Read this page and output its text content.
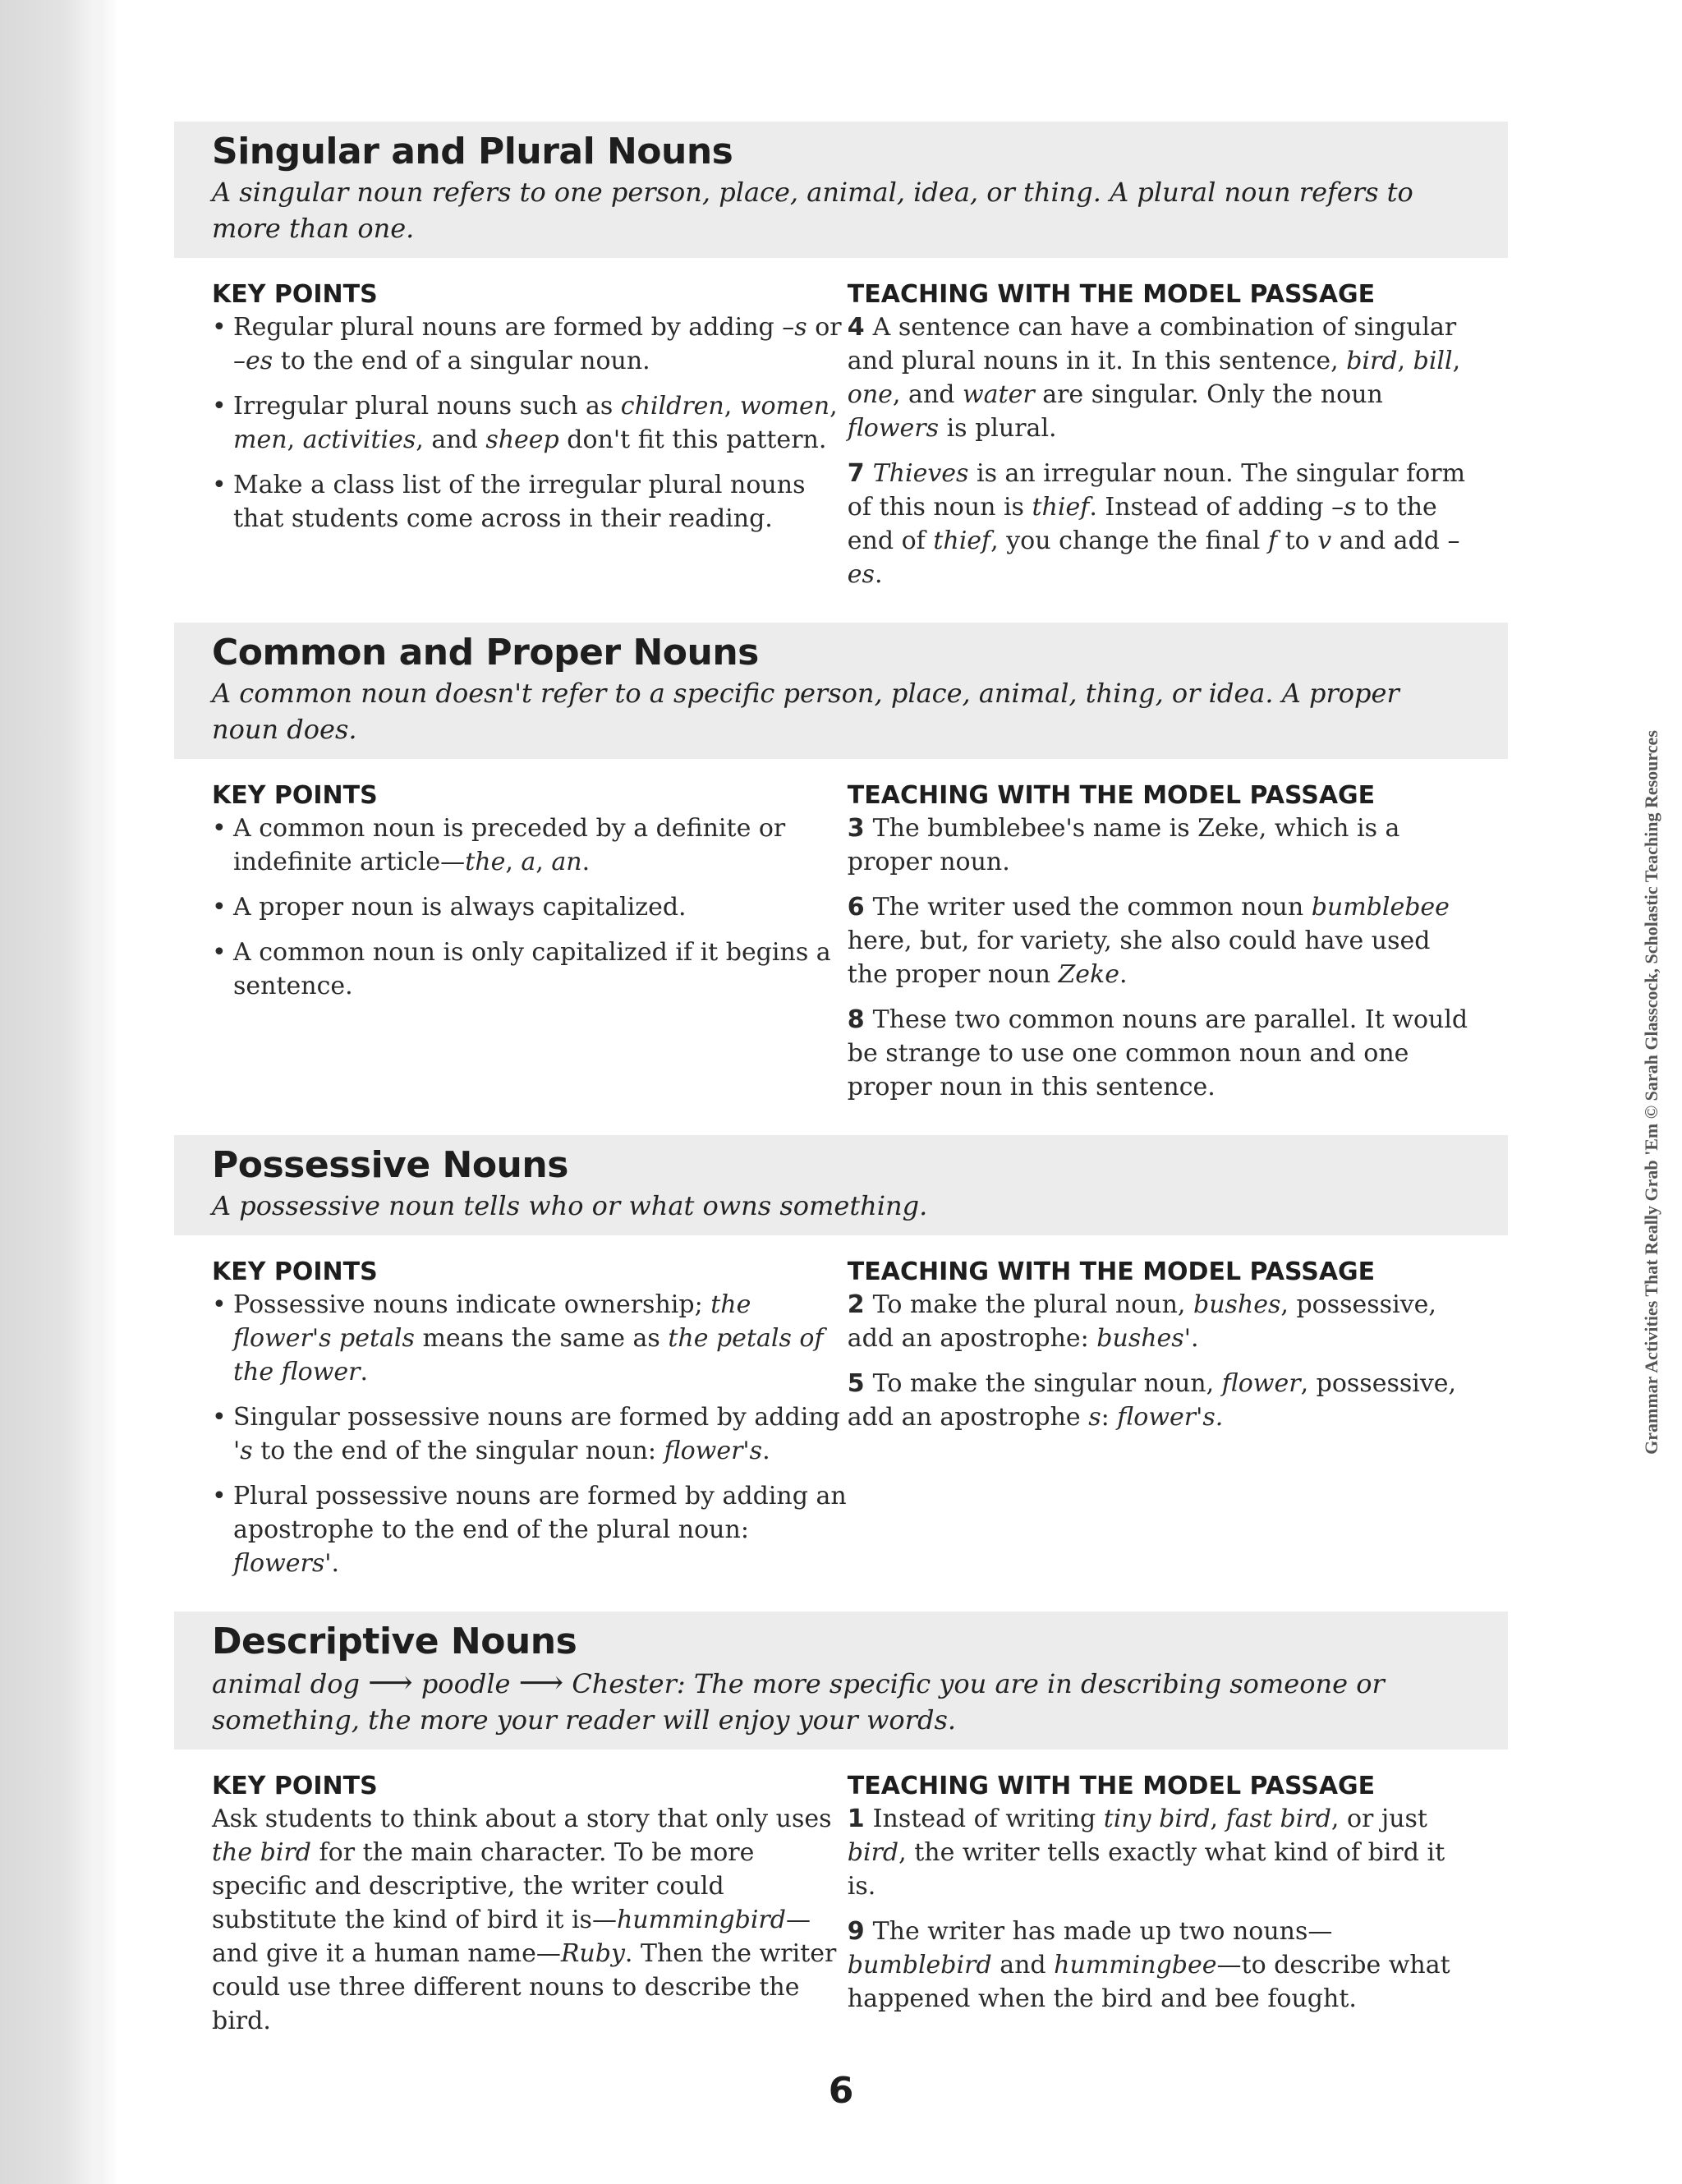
Singular and Plural Nouns
A singular noun refers to one person, place, animal, idea, or thing. A plural noun refers to more than one.
KEY POINTS
• Regular plural nouns are formed by adding –s or –es to the end of a singular noun.
• Irregular plural nouns such as children, women, men, activities, and sheep don't fit this pattern.
• Make a class list of the irregular plural nouns that students come across in their reading.
TEACHING WITH THE MODEL PASSAGE
4 A sentence can have a combination of singular and plural nouns in it. In this sentence, bird, bill, one, and water are singular. Only the noun flowers is plural.
7 Thieves is an irregular noun. The singular form of this noun is thief. Instead of adding –s to the end of thief, you change the final f to v and add –es.
Common and Proper Nouns
A common noun doesn't refer to a specific person, place, animal, thing, or idea. A proper noun does.
KEY POINTS
• A common noun is preceded by a definite or indefinite article—the, a, an.
• A proper noun is always capitalized.
• A common noun is only capitalized if it begins a sentence.
TEACHING WITH THE MODEL PASSAGE
3 The bumblebee's name is Zeke, which is a proper noun.
6 The writer used the common noun bumblebee here, but, for variety, she also could have used the proper noun Zeke.
8 These two common nouns are parallel. It would be strange to use one common noun and one proper noun in this sentence.
Possessive Nouns
A possessive noun tells who or what owns something.
KEY POINTS
• Possessive nouns indicate ownership; the flower's petals means the same as the petals of the flower.
• Singular possessive nouns are formed by adding 's to the end of the singular noun: flower's.
• Plural possessive nouns are formed by adding an apostrophe to the end of the plural noun: flowers'.
TEACHING WITH THE MODEL PASSAGE
2 To make the plural noun, bushes, possessive, add an apostrophe: bushes'.
5 To make the singular noun, flower, possessive, add an apostrophe s: flower's.
Descriptive Nouns
animal dog ⟶ poodle ⟶ Chester: The more specific you are in describing someone or something, the more your reader will enjoy your words.
KEY POINTS
Ask students to think about a story that only uses the bird for the main character. To be more specific and descriptive, the writer could substitute the kind of bird it is—hummingbird—and give it a human name—Ruby. Then the writer could use three different nouns to describe the bird.
TEACHING WITH THE MODEL PASSAGE
1 Instead of writing tiny bird, fast bird, or just bird, the writer tells exactly what kind of bird it is.
9 The writer has made up two nouns—bumblebird and hummingbee—to describe what happened when the bird and bee fought.
Grammar Activities That Really Grab 'Em © Sarah Glasscock, Scholastic Teaching Resources
6
